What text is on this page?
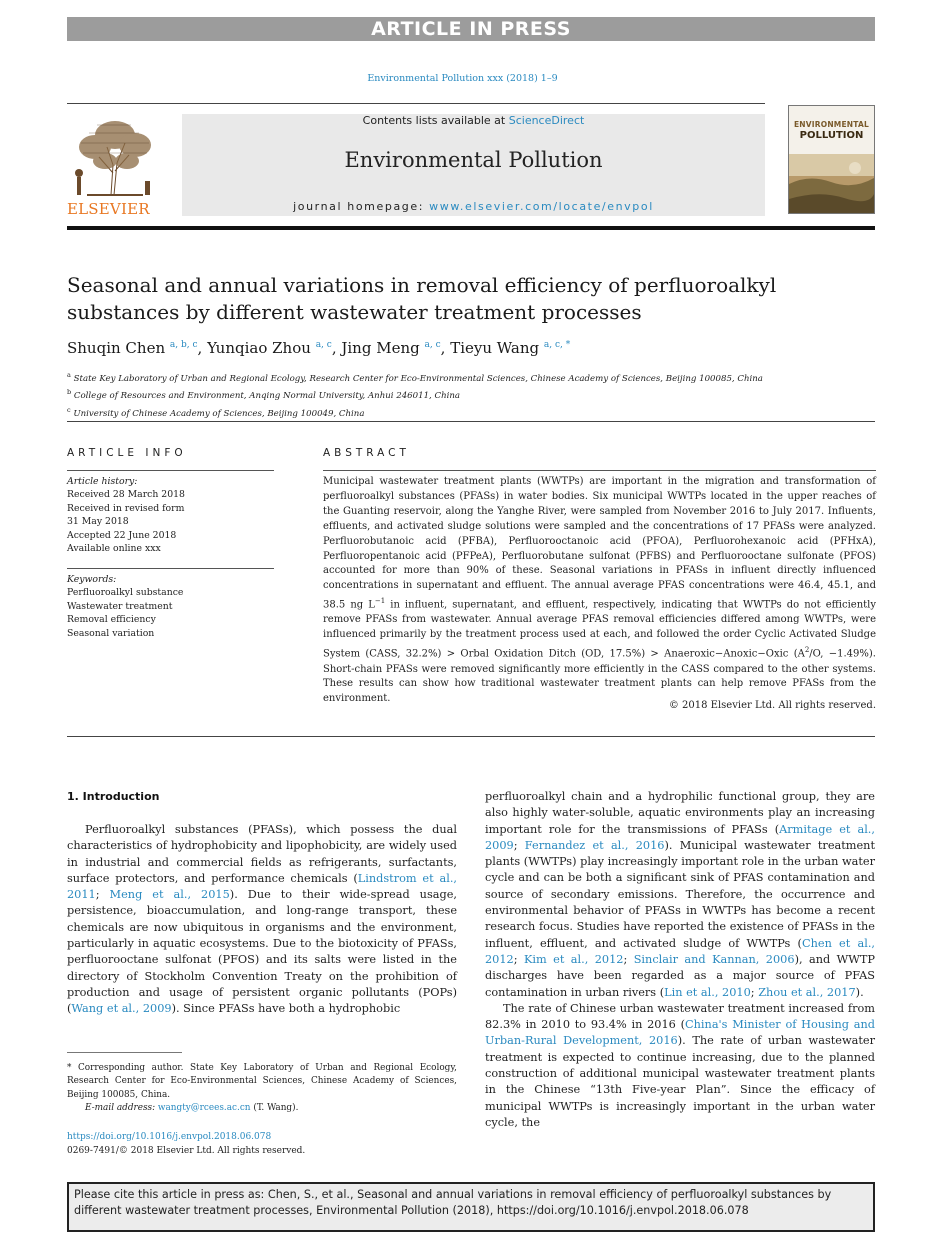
ARTICLE IN PRESS
Environmental Pollution xxx (2018) 1–9
ELSEVIER
Contents lists available at ScienceDirect
Environmental Pollution
journal homepage: www.elsevier.com/locate/envpol
ENVIRONMENTAL
POLLUTION
Seasonal and annual variations in removal efficiency of perfluoroalkyl substances by different wastewater treatment processes
Shuqin Chen $^{a, b, c}$, Yunqiao Zhou $^{a, c}$, Jing Meng $^{a, c}$, Tieyu Wang $^{a, c, *}$
$^a$ State Key Laboratory of Urban and Regional Ecology, Research Center for Eco-Environmental Sciences, Chinese Academy of Sciences, Beijing 100085, China
$^b$ College of Resources and Environment, Anqing Normal University, Anhui 246011, China
$^c$ University of Chinese Academy of Sciences, Beijing 100049, China
ARTICLE INFO	ABSTRACT
Article history:
Received 28 March 2018
Received in revised form
31 May 2018
Accepted 22 June 2018
Available online xxx
Keywords:
Perfluoroalkyl substance
Wastewater treatment
Removal efficiency
Seasonal variation
Municipal wastewater treatment plants (WWTPs) are important in the migration and transformation of perfluoroalkyl substances (PFASs) in water bodies. Six municipal WWTPs located in the upper reaches of the Guanting reservoir, along the Yanghe River, were sampled from November 2016 to July 2017. Influents, effluents, and activated sludge solutions were sampled and the concentrations of 17 PFASs were analyzed. Perfluorobutanoic acid (PFBA), Perfluorooctanoic acid (PFOA), Perfluorohexanoic acid (PFHxA), Perfluoropentanoic acid (PFPeA), Perfluorobutane sulfonat (PFBS) and Perfluorooctane sulfonate (PFOS) accounted for more than 90% of these. Seasonal variations in PFASs in influent directly influenced concentrations in supernatant and effluent. The annual average PFAS concentrations were 46.4, 45.1, and 38.5 ng $L^{-1}$ in influent, supernatant, and effluent, respectively, indicating that WWTPs do not efficiently remove PFASs from wastewater. Annual average PFAS removal efficiencies differed among WWTPs, were influenced primarily by the treatment process used at each, and followed the order Cyclic Activated Sludge System (CASS, 32.2%) > Orbal Oxidation Ditch (OD, 17.5%) > Anaeroxic−Anoxic−Oxic ($A^2/O$, −1.49%). Short-chain PFASs were removed significantly more efficiently in the CASS compared to the other systems. These results can show how traditional wastewater treatment plants can help remove PFASs from the environment.
© 2018 Elsevier Ltd. All rights reserved.
1. Introduction

Perfluoroalkyl substances (PFASs), which possess the dual characteristics of hydrophobicity and lipophobicity, are widely used in industrial and commercial fields as refrigerants, surfactants, surface protectors, and performance chemicals (Lindstrom et al., 2011; Meng et al., 2015). Due to their wide-spread usage, persistence, bioaccumulation, and long-range transport, these chemicals are now ubiquitous in organisms and the environment, particularly in aquatic ecosystems. Due to the biotoxicity of PFASs, perfluorooctane sulfonat (PFOS) and its salts were listed in the directory of Stockholm Convention Treaty on the prohibition of production and usage of persistent organic pollutants (POPs) (Wang et al., 2009). Since PFASs have both a hydrophobic

perfluoroalkyl chain and a hydrophilic functional group, they are also highly water-soluble, aquatic environments play an increasing important role for the transmissions of PFASs (Armitage et al., 2009; Fernandez et al., 2016). Municipal wastewater treatment plants (WWTPs) play increasingly important role in the urban water cycle and can be both a significant sink of PFAS contamination and source of secondary emissions. Therefore, the occurrence and environmental behavior of PFASs in WWTPs has become a recent research focus. Studies have reported the existence of PFASs in the influent, effluent, and activated sludge of WWTPs (Chen et al., 2012; Kim et al., 2012; Sinclair and Kannan, 2006), and WWTP discharges have been regarded as a major source of PFAS contamination in urban rivers (Lin et al., 2010; Zhou et al., 2017).

The rate of Chinese urban wastewater treatment increased from 82.3% in 2010 to 93.4% in 2016 (China's Minister of Housing and Urban-Rural Development, 2016). The rate of urban wastewater treatment is expected to continue increasing, due to the planned construction of additional municipal wastewater treatment plants in the Chinese “13th Five-year Plan”. Since the efficacy of municipal WWTPs is increasingly important in the urban water cycle, the

* Corresponding author. State Key Laboratory of Urban and Regional Ecology, Research Center for Eco-Environmental Sciences, Chinese Academy of Sciences, Beijing 100085, China.
E-mail address: wangty@rcees.ac.cn (T. Wang).
https://doi.org/10.1016/j.envpol.2018.06.078
0269-7491/© 2018 Elsevier Ltd. All rights reserved.
Please cite this article in press as: Chen, S., et al., Seasonal and annual variations in removal efficiency of perfluoroalkyl substances by different wastewater treatment processes, Environmental Pollution (2018), https://doi.org/10.1016/j.envpol.2018.06.078
